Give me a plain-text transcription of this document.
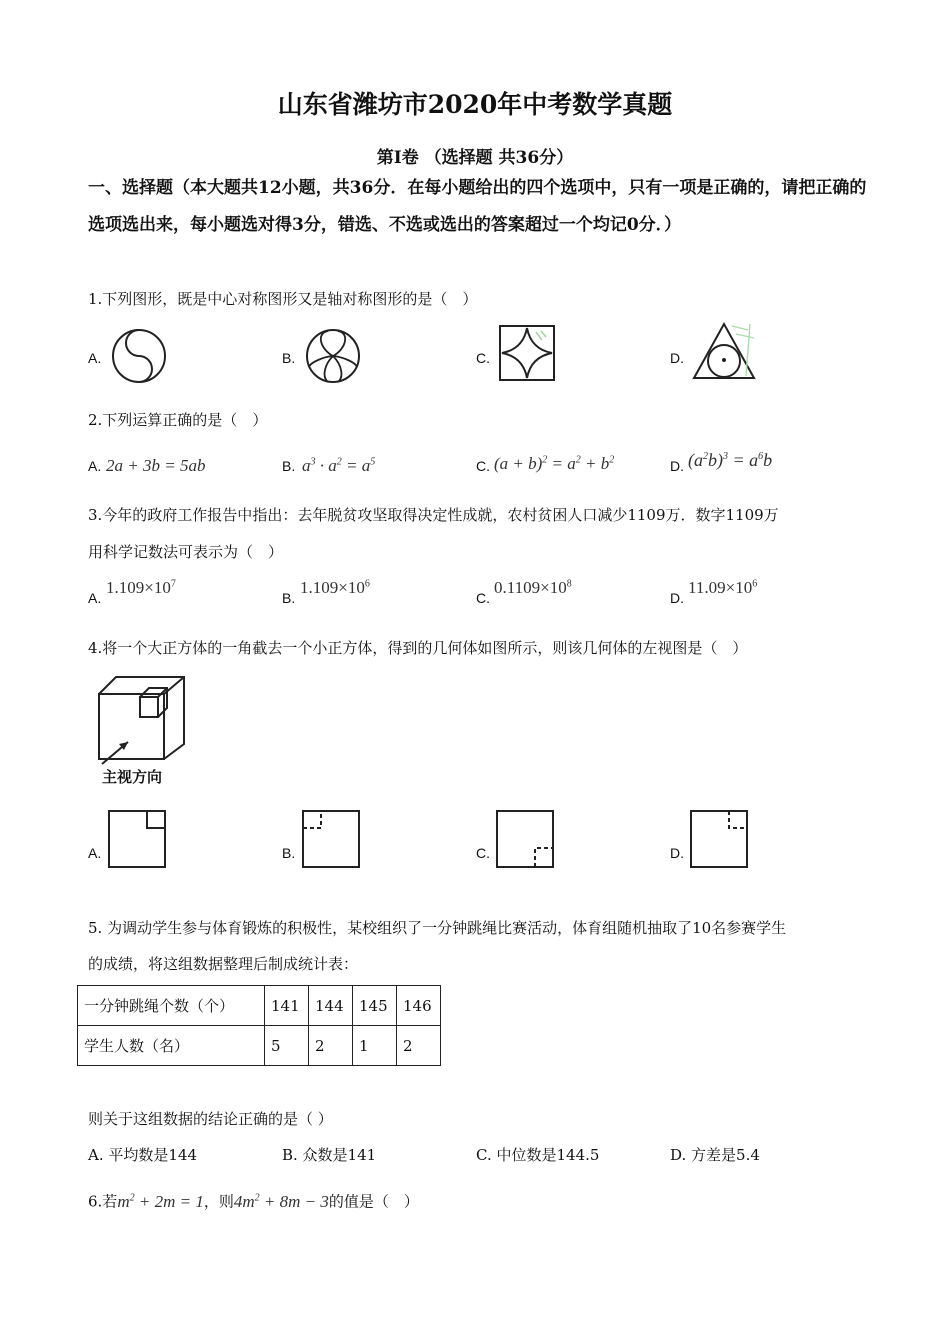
山东省潍坊市2020年中考数学真题
第Ⅰ卷 （选择题 共36分）
一、选择题（本大题共12小题，共36分．在每小题给出的四个选项中，只有一项是正确的，请把正确的选项选出来，每小题选对得3分，错选、不选或选出的答案超过一个均记0分．）
1.下列图形，既是中心对称图形又是轴对称图形的是（　）
A.	B.	C.	D.
2.下列运算正确的是（　）
A. 2a + 3b = 5ab	B. $a^3 \cdot a^2 = a^5$	C. $(a + b)^2 = a^2 + b^2$	D. $(a^2b)^3 = a^6b$
3.今年的政府工作报告中指出：去年脱贫攻坚取得决定性成就，农村贫困人口减少1109万．数字1109万
用科学记数法可表示为（　）
A.
$1.109\times 10^7$
B.
$1.109\times 10^6$
C.
$0.1109\times 10^8$
D.
$11.09\times 10^6$
4.将一个大正方体的一角截去一个小正方体，得到的几何体如图所示，则该几何体的左视图是（　）
主视方向
A.	B.	C.	D.
5. 为调动学生参与体育锻炼的积极性，某校组织了一分钟跳绳比赛活动，体育组随机抽取了10名参赛学生
的成绩，将这组数据整理后制成统计表：
一分钟跳绳个数（个）	141	144	145	146
学生人数（名）	5	2	1	2
则关于这组数据的结论正确的是（ ）
A. 平均数是144	B. 众数是141	C. 中位数是144.5	D. 方差是5.4
6.若$m^2 + 2m = 1$，则$4m^2 + 8m - 3$的值是（　）
